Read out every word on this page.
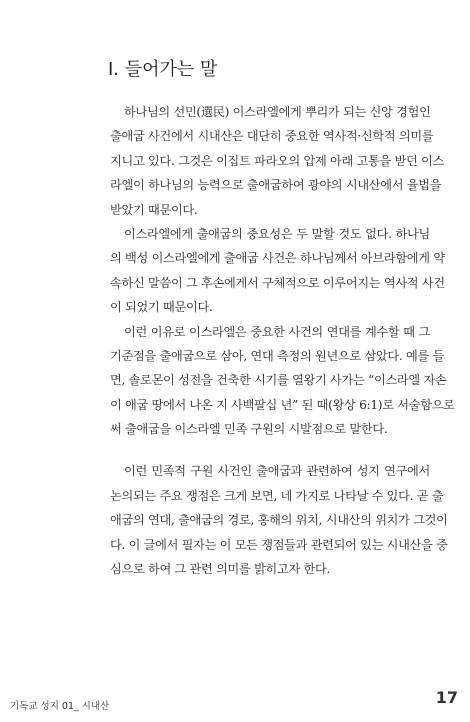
I. 들어가는 말
하나님의 선민(選民) 이스라엘에게 뿌리가 되는 신앙 경험인
출애굽 사건에서 시내산은 대단히 중요한 역사적·신학적 의미를
지니고 있다. 그것은 이집트 파라오의 압제 아래 고통을 받던 이스
라엘이 하나님의 능력으로 출애굽하여 광야의 시내산에서 율법을
받았기 때문이다.
이스라엘에게 출애굽의 중요성은 두 말할 것도 없다. 하나님
의 백성 이스라엘에게 출애굽 사건은 하나님께서 아브라함에게 약
속하신 말씀이 그 후손에게서 구체적으로 이루어지는 역사적 사건
이 되었기 때문이다.
이런 이유로 이스라엘은 중요한 사건의 연대를 계수할 때 그
기준점을 출애굽으로 삼아, 연대 측정의 원년으로 삼았다. 예를 들
면, 솔로몬이 성전을 건축한 시기를 열왕기 사가는 “이스라엘 자손
이 애굽 땅에서 나온 지 사백팔십 년” 된 때(왕상 6:1)로 서술함으로
써 출애굽을 이스라엘 민족 구원의 시발점으로 말한다.
이런 민족적 구원 사건인 출애굽과 관련하여 성지 연구에서
논의되는 주요 쟁점은 크게 보면, 네 가지로 나타날 수 있다. 곧 출
애굽의 연대, 출애굽의 경로, 홍해의 위치, 시내산의 위치가 그것이
다. 이 글에서 필자는 이 모든 쟁점들과 관련되어 있는 시내산을 중
심으로 하여 그 관련 의미를 밝히고자 한다.
기독교 성지 01_ 시내산	17
